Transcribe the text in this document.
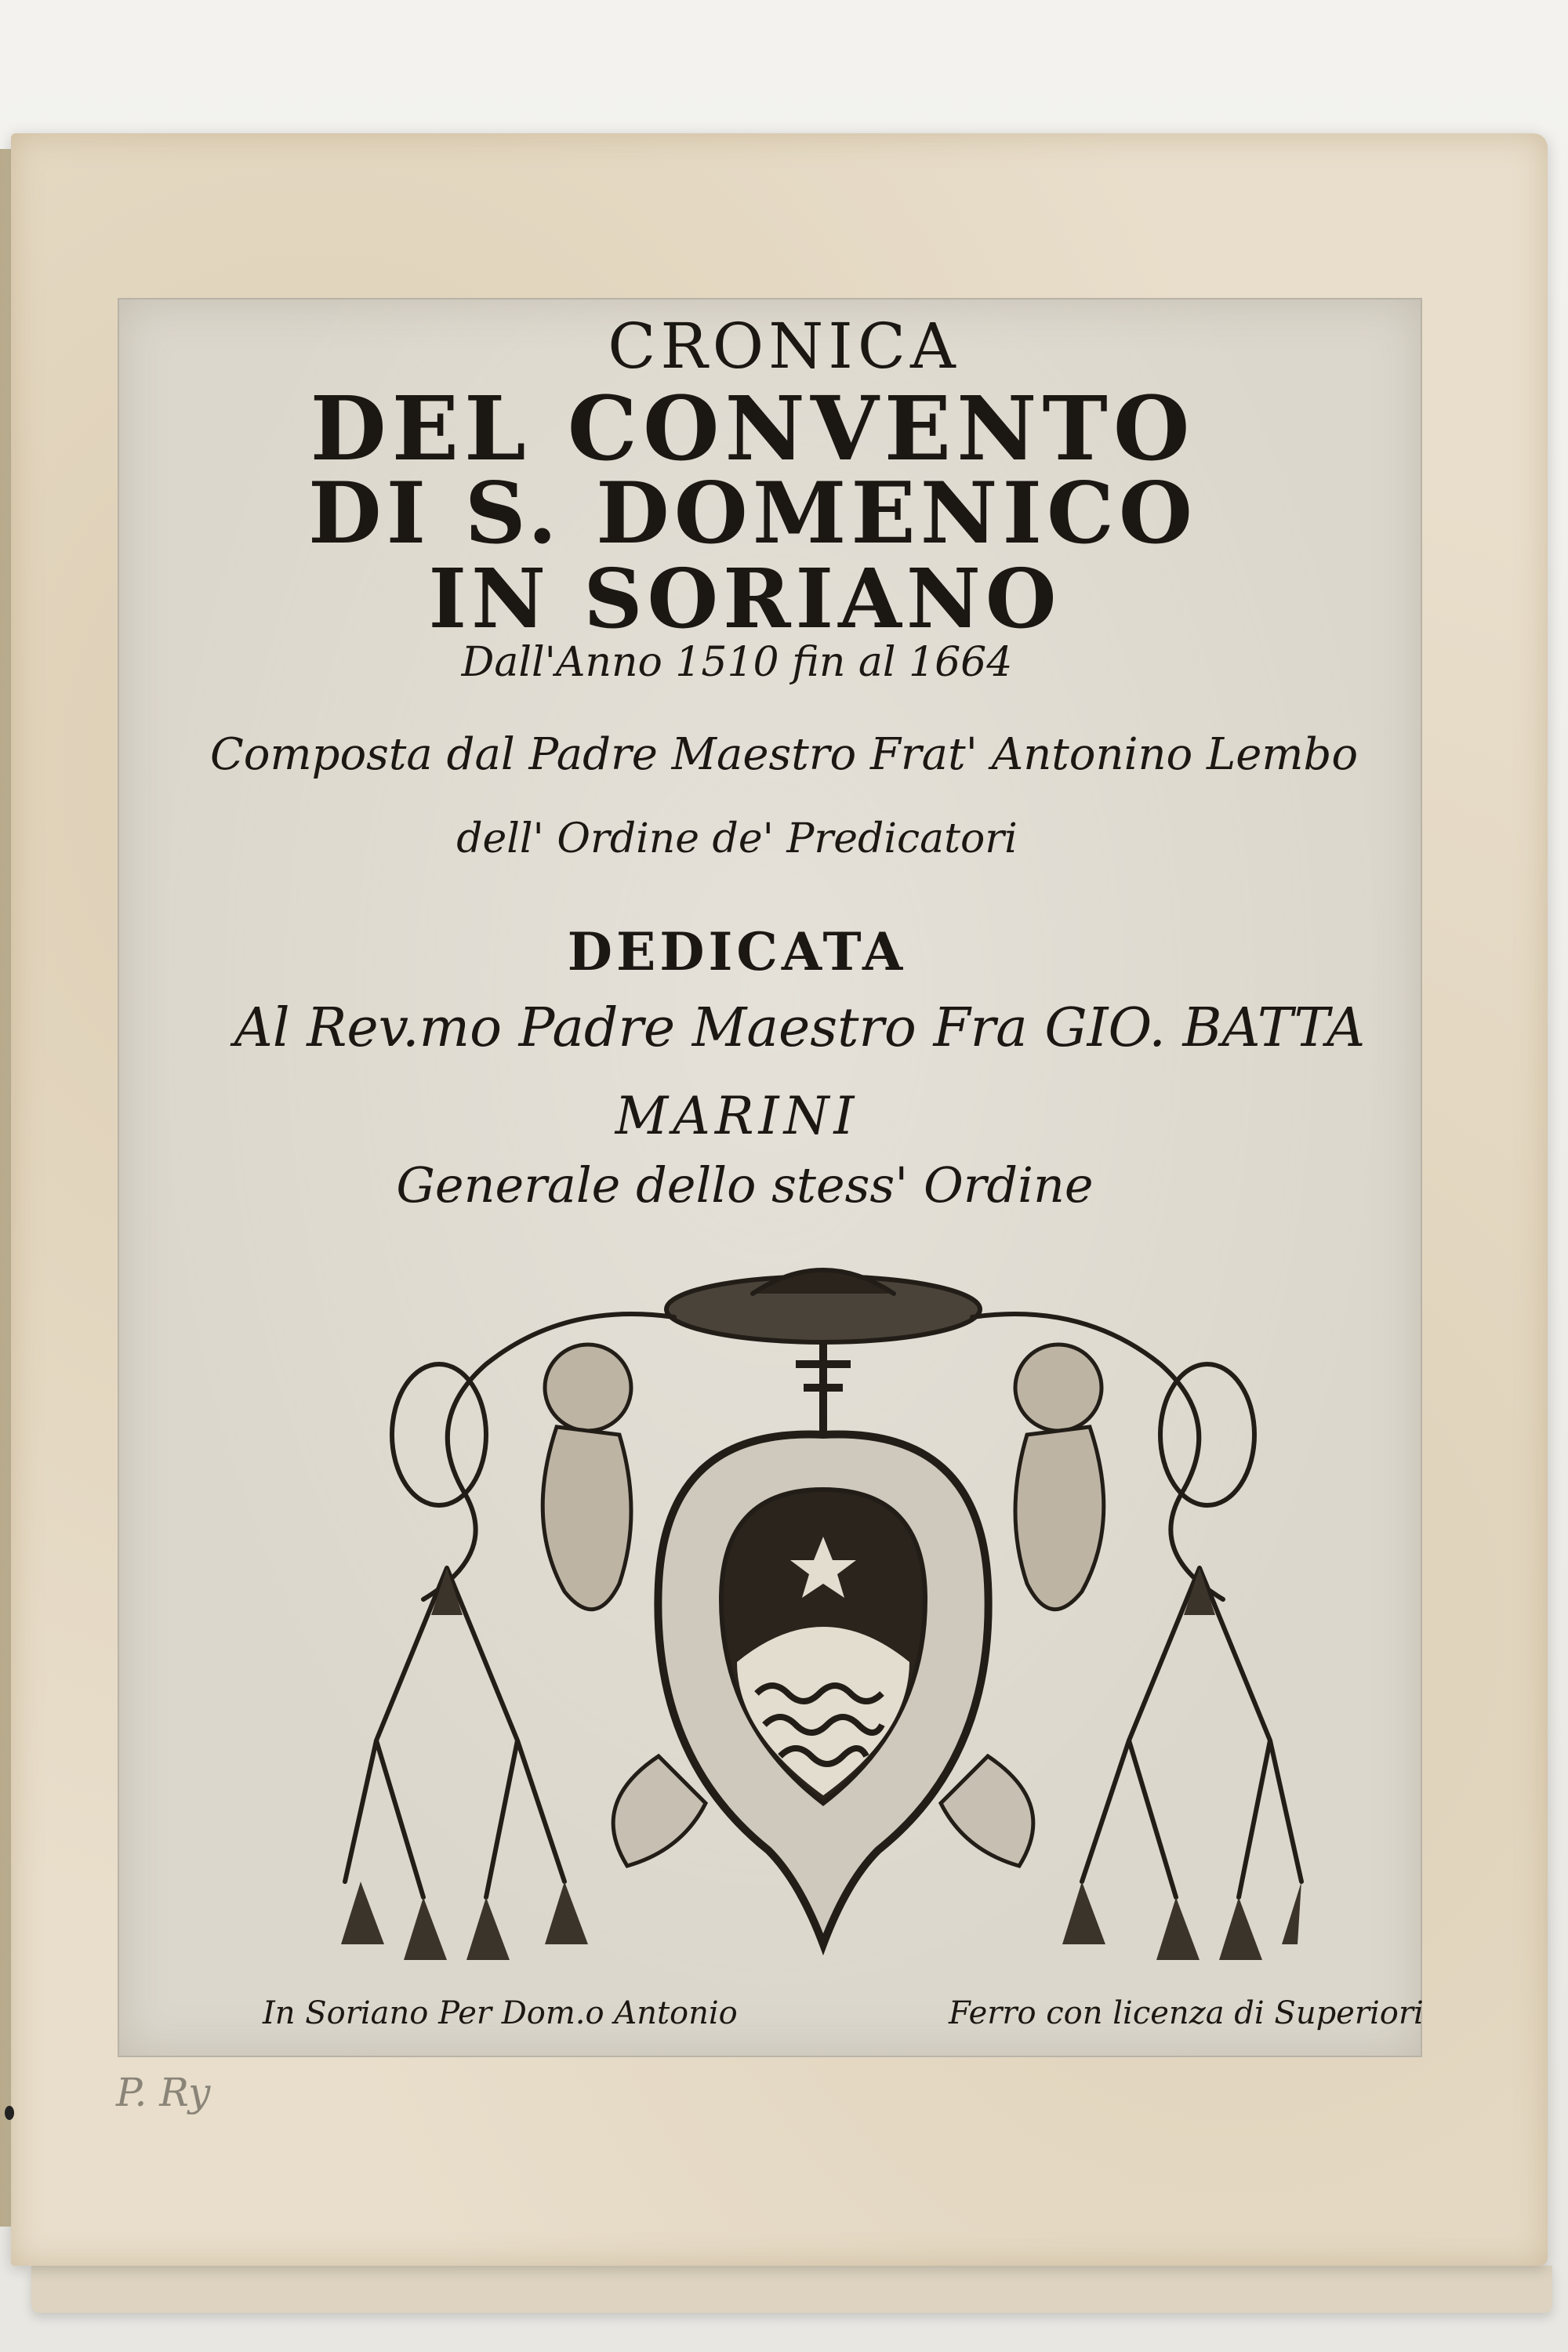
CRONICA
DEL CONVENTO
DI S. DOMENICO
IN SORIANO
Dall'Anno 1510 fin al 1664
Composta dal Padre Maestro Frat' Antonino Lembo
dell' Ordine de' Predicatori
DEDICATA
Al Rev.mo Padre Maestro Fra GIO. BATTA
MARINI
Generale dello stess' Ordine
In Soriano Per Dom.o Antonio	Ferro con licenza di Superiori
P. Ry
